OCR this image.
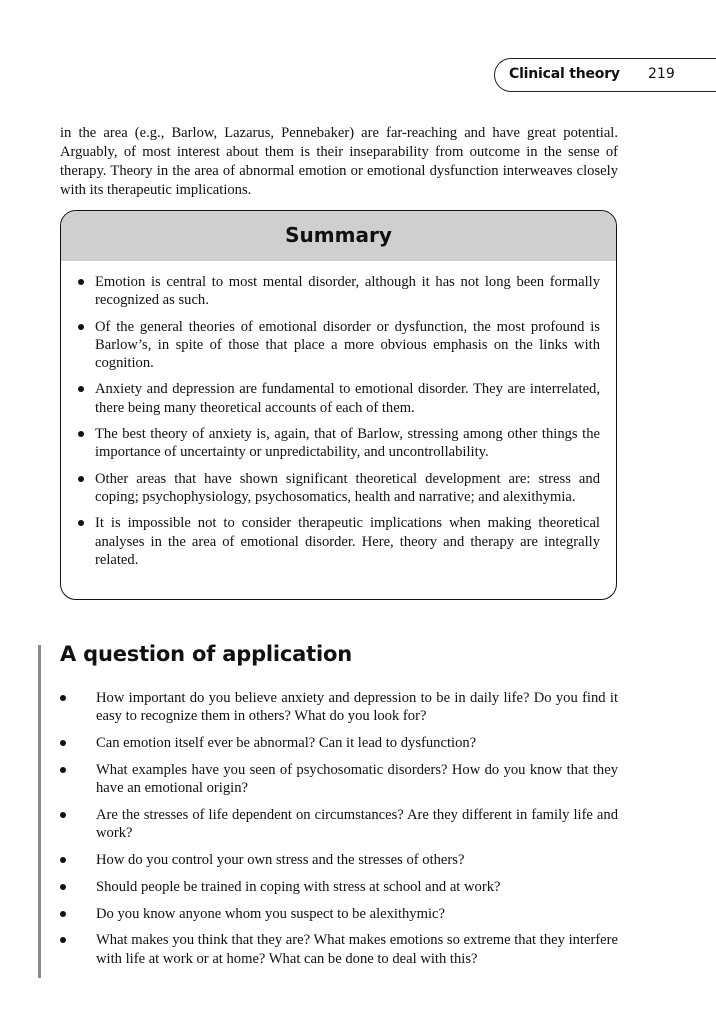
Clinical theory 219

in the area (e.g., Barlow, Lazarus, Pennebaker) are far-reaching and have great potential. Arguably, of most interest about them is their inseparability from outcome in the sense of therapy. Theory in the area of abnormal emotion or emotional dysfunction interweaves closely with its therapeutic implications.

Summary
Emotion is central to most mental disorder, although it has not long been formally recognized as such.
Of the general theories of emotional disorder or dysfunction, the most profound is Barlow’s, in spite of those that place a more obvious emphasis on the links with cognition.
Anxiety and depression are fundamental to emotional disorder. They are interrelated, there being many theoretical accounts of each of them.
The best theory of anxiety is, again, that of Barlow, stressing among other things the importance of uncertainty or unpredictability, and uncontrollability.
Other areas that have shown significant theoretical development are: stress and coping; psychophysiology, psychosomatics, health and narrative; and alexithymia.
It is impossible not to consider therapeutic implications when making theoretical analyses in the area of emotional disorder. Here, theory and therapy are integrally related.
A question of application
How important do you believe anxiety and depression to be in daily life? Do you find it easy to recognize them in others? What do you look for?
Can emotion itself ever be abnormal? Can it lead to dysfunction?
What examples have you seen of psychosomatic disorders? How do you know that they have an emotional origin?
Are the stresses of life dependent on circumstances? Are they different in family life and work?
How do you control your own stress and the stresses of others?
Should people be trained in coping with stress at school and at work?
Do you know anyone whom you suspect to be alexithymic?
What makes you think that they are? What makes emotions so extreme that they interfere with life at work or at home? What can be done to deal with this?
